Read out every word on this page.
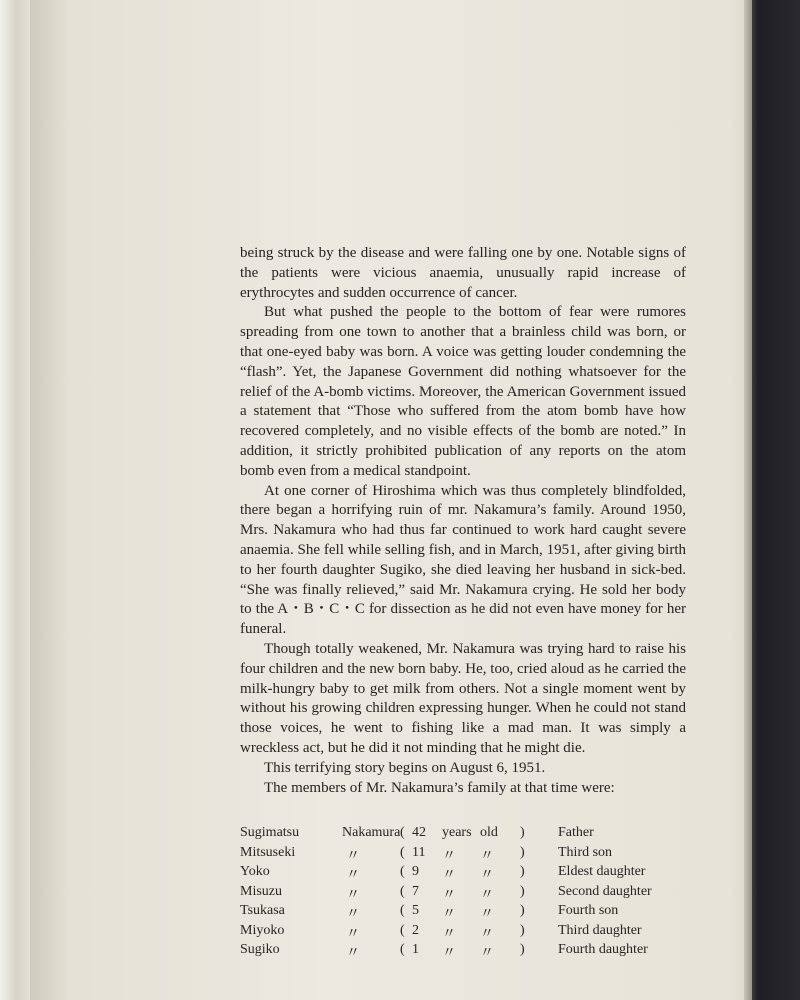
being struck by the disease and were falling one by one. Notable signs of the patients were vicious anaemia, unusually rapid increase of erythrocytes and sudden occurrence of cancer.

But what pushed the people to the bottom of fear were rumores spreading from one town to another that a brainless child was born, or that one-eyed baby was born. A voice was getting louder condemning the “flash”. Yet, the Japanese Government did nothing whatsoever for the relief of the A-bomb victims. Moreover, the American Government issued a statement that “Those who suffered from the atom bomb have how recovered completely, and no visible effects of the bomb are noted.” In addition, it strictly prohibited publication of any reports on the atom bomb even from a medical standpoint.

At one corner of Hiroshima which was thus completely blindfolded, there began a horrifying ruin of mr. Nakamura’s family. Around 1950, Mrs. Nakamura who had thus far continued to work hard caught severe anaemia. She fell while selling fish, and in March, 1951, after giving birth to her fourth daughter Sugiko, she died leaving her husband in sick-bed. “She was finally relieved,” said Mr. Nakamura crying. He sold her body to the A・B・C・C for dissection as he did not even have money for her funeral.

Though totally weakened, Mr. Nakamura was trying hard to raise his four children and the new born baby. He, too, cried aloud as he carried the milk-hungry baby to get milk from others. Not a single moment went by without his growing children expressing hunger. When he could not stand those voices, he went to fishing like a mad man. It was simply a wreckless act, but he did it not minding that he might die.

This terrifying story begins on August 6, 1951.

The members of Mr. Nakamura’s family at that time were:

Sugimatsu	Nakamura ( 42 years old ) Father
Mitsuseki	〃	( 11 〃 〃 ) Third son
Yoko	〃	( 9 〃 〃 ) Eldest daughter
Misuzu	〃	( 7 〃 〃 ) Second daughter
Tsukasa	〃	( 5 〃 〃 ) Fourth son
Miyoko	〃	( 2 〃 〃 ) Third daughter
Sugiko	〃	( 1 〃 〃 ) Fourth daughter
